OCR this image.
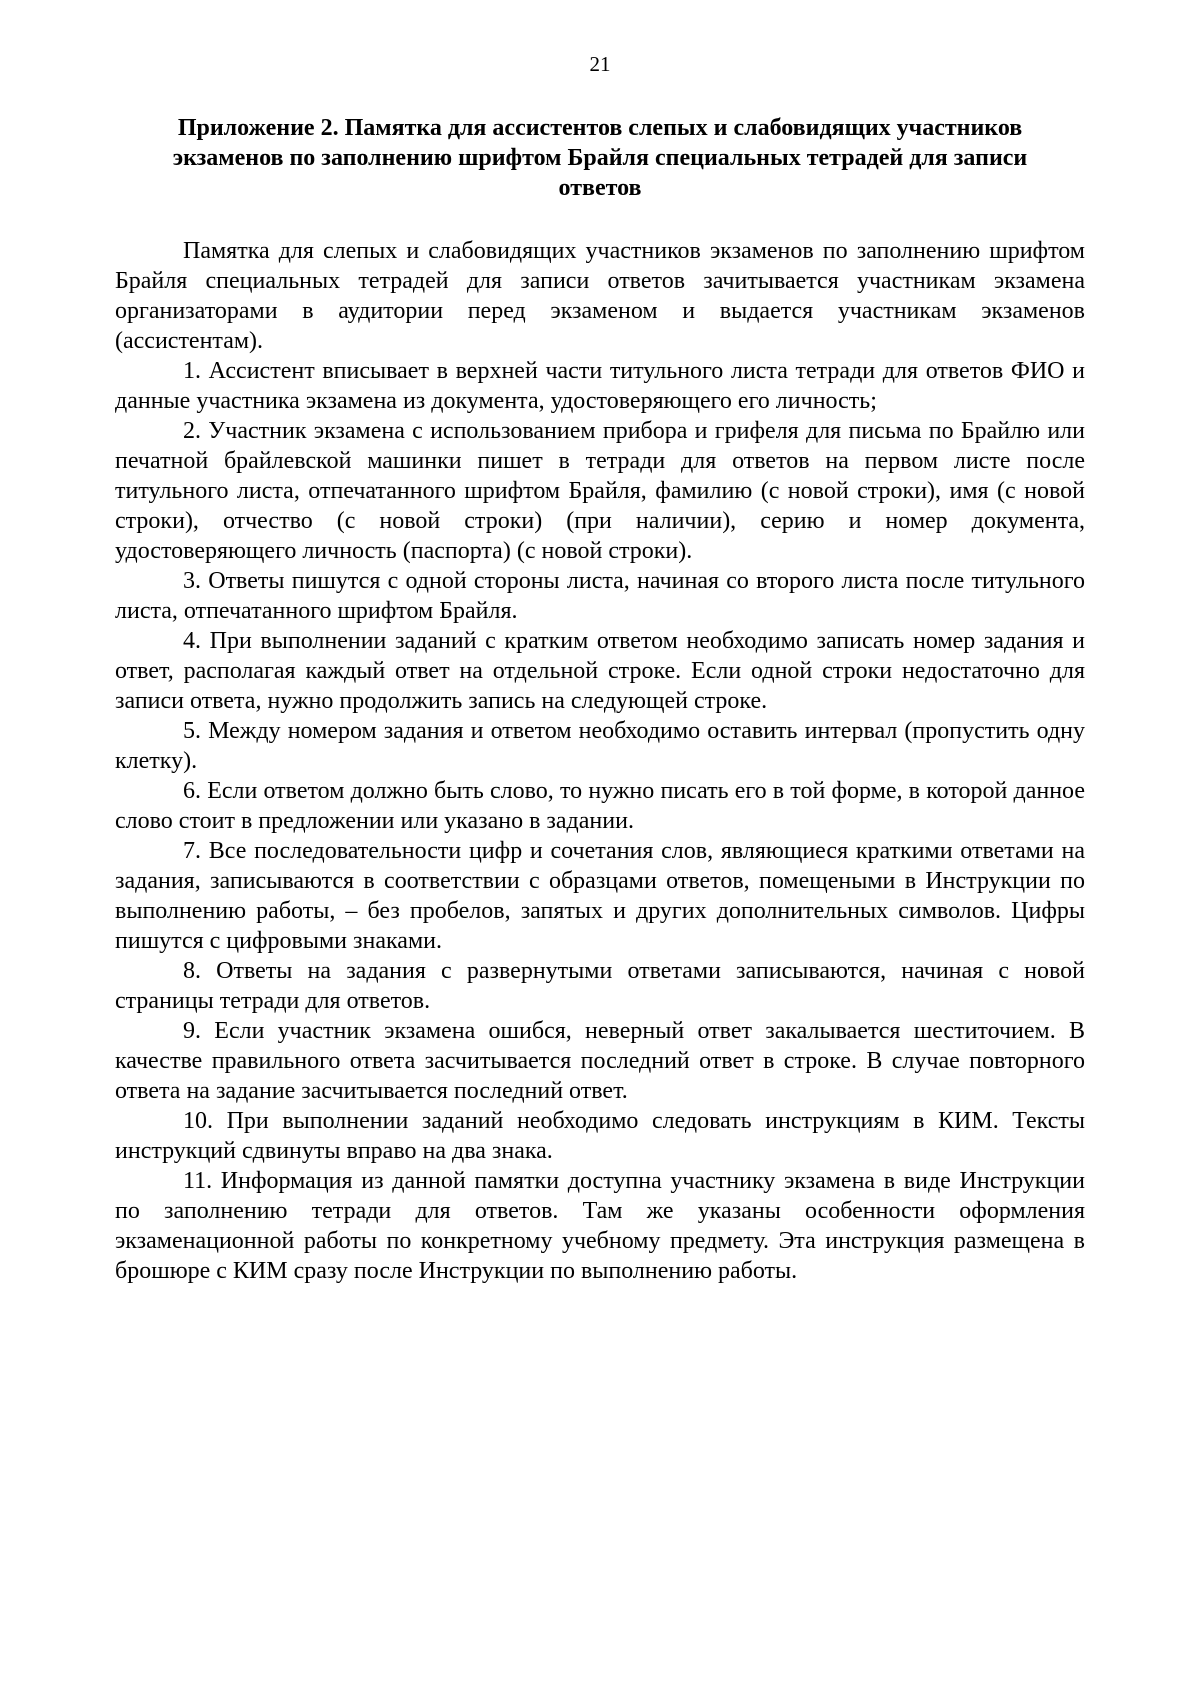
21
Приложение 2. Памятка для ассистентов слепых и слабовидящих участников экзаменов по заполнению шрифтом Брайля специальных тетрадей для записи ответов

Памятка для слепых и слабовидящих участников экзаменов по заполнению шрифтом Брайля специальных тетрадей для записи ответов зачитывается участникам экзамена организаторами в аудитории перед экзаменом и выдается участникам экзаменов (ассистентам).

1. Ассистент вписывает в верхней части титульного листа тетради для ответов ФИО и данные участника экзамена из документа, удостоверяющего его личность;

2. Участник экзамена с использованием прибора и грифеля для письма по Брайлю или печатной брайлевской машинки пишет в тетради для ответов на первом листе после титульного листа, отпечатанного шрифтом Брайля, фамилию (с новой строки), имя (с новой строки), отчество (с новой строки) (при наличии), серию и номер документа, удостоверяющего личность (паспорта) (с новой строки).

3. Ответы пишутся с одной стороны листа, начиная со второго листа после титульного листа, отпечатанного шрифтом Брайля.

4. При выполнении заданий с кратким ответом необходимо записать номер задания и ответ, располагая каждый ответ на отдельной строке. Если одной строки недостаточно для записи ответа, нужно продолжить запись на следующей строке.

5. Между номером задания и ответом необходимо оставить интервал (пропустить одну клетку).

6. Если ответом должно быть слово, то нужно писать его в той форме, в которой данное слово стоит в предложении или указано в задании.

7. Все последовательности цифр и сочетания слов, являющиеся краткими ответами на задания, записываются в соответствии с образцами ответов, помещеными в Инструкции по выполнению работы, – без пробелов, запятых и других дополнительных символов. Цифры пишутся с цифровыми знаками.

8. Ответы на задания с развернутыми ответами записываются, начиная с новой страницы тетради для ответов.

9. Если участник экзамена ошибся, неверный ответ закалывается шеститочием. В качестве правильного ответа засчитывается последний ответ в строке. В случае повторного ответа на задание засчитывается последний ответ.

10. При выполнении заданий необходимо следовать инструкциям в КИМ. Тексты инструкций сдвинуты вправо на два знака.

11. Информация из данной памятки доступна участнику экзамена в виде Инструкции по заполнению тетради для ответов. Там же указаны особенности оформления экзаменационной работы по конкретному учебному предмету. Эта инструкция размещена в брошюре с КИМ сразу после Инструкции по выполнению работы.
